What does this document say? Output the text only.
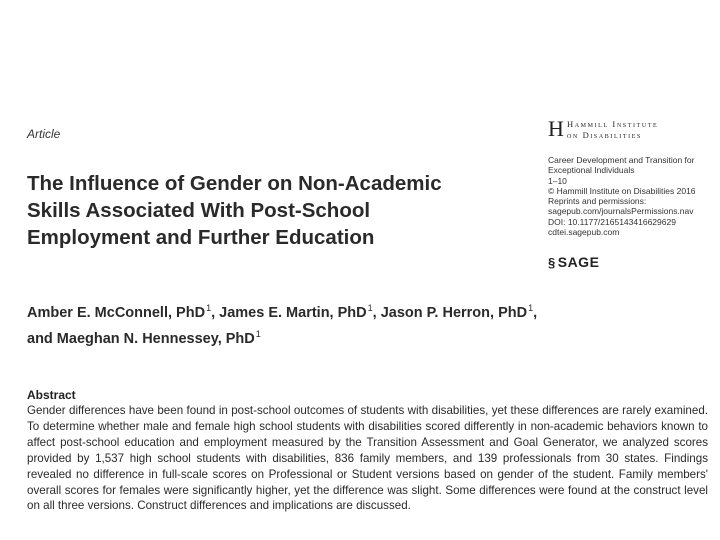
Article
The Influence of Gender on Non-Academic
Skills Associated With Post-School
Employment and Further Education
H Hammill Institute
on Disabilities
Career Development and Transition for
Exceptional Individuals
1–10
© Hammill Institute on Disabilities 2016
Reprints and permissions:
sagepub.com/journalsPermissions.nav
DOI: 10.1177/2165143416629629
cdtei.sagepub.com
§ SAGE

Amber E. McConnell, PhD$^1$, James E. Martin, PhD$^1$, Jason P. Herron, PhD$^1$,
and Maeghan N. Hennessey, PhD$^1$

Abstract

Gender differences have been found in post-school outcomes of students with disabilities, yet these differences are rarely examined. To determine whether male and female high school students with disabilities scored differently in non-academic behaviors known to affect post-school education and employment measured by the Transition Assessment and Goal Generator, we analyzed scores provided by 1,537 high school students with disabilities, 836 family members, and 139 professionals from 30 states. Findings revealed no difference in full-scale scores on Professional or Student versions based on gender of the student. Family members' overall scores for females were significantly higher, yet the difference was slight. Some differences were found at the construct level on all three versions. Construct differences and implications are discussed.
